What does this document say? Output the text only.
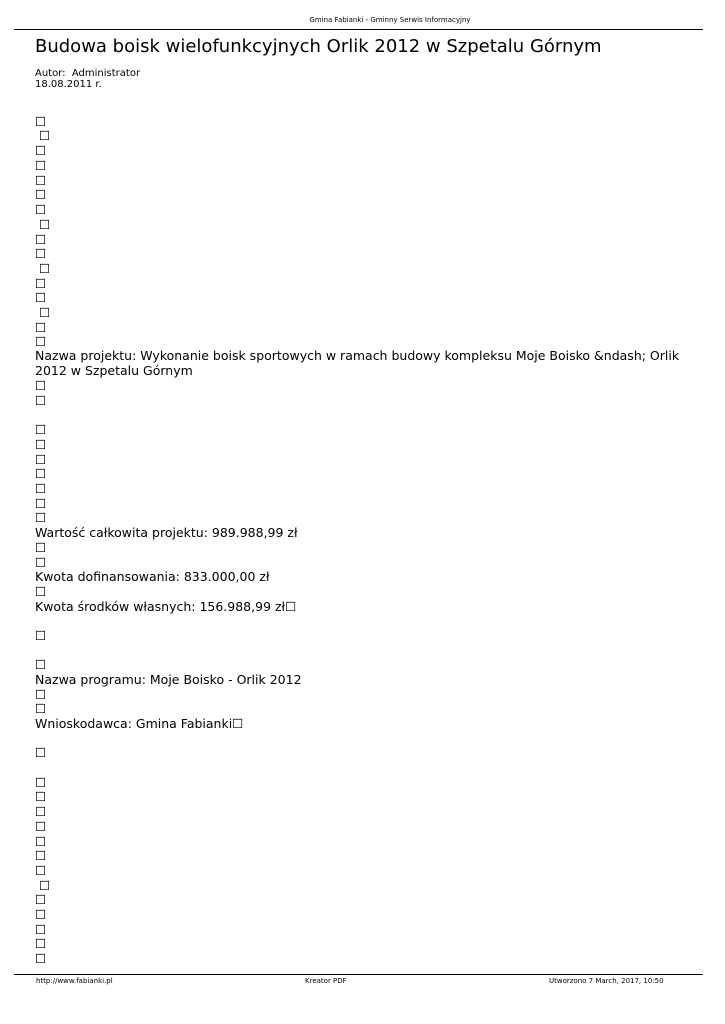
Gmina Fabianki - Gminny Serwis Informacyjny
Budowa boisk wielofunkcyjnych Orlik 2012 w Szpetalu Górnym
Autor:  Administrator
18.08.2011 r.
☐
☐
☐
☐
☐
☐
☐
☐
☐
☐
☐
☐
☐
☐
☐
☐
Nazwa projektu: Wykonanie boisk sportowych w ramach budowy kompleksu Moje Boisko &ndash; Orlik 2012 w Szpetalu Górnym
☐
☐
☐
☐
☐
☐
☐
☐
☐
Wartość całkowita projektu: 989.988,99 zł
☐
☐
Kwota dofinansowania: 833.000,00 zł
☐
Kwota środków własnych: 156.988,99 zł☐
☐
☐
Nazwa programu: Moje Boisko - Orlik 2012
☐
☐
Wnioskodawca: Gmina Fabianki☐
☐
☐
☐
☐
☐
☐
☐
☐
☐
☐
☐
☐
☐
☐
http://www.fabianki.pl	Kreator PDF	Utworzono 7 March, 2017, 10:50
